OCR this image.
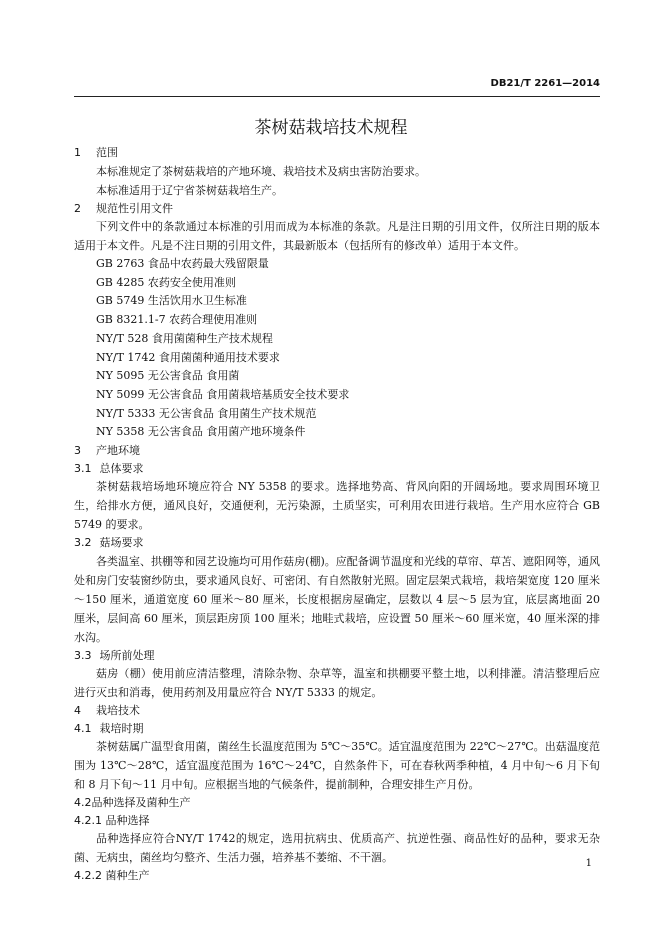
DB21/T 2261—2014
茶树菇栽培技术规程
1 范围
本标准规定了茶树菇栽培的产地环境、栽培技术及病虫害防治要求。
本标准适用于辽宁省茶树菇栽培生产。
2 规范性引用文件
下列文件中的条款通过本标准的引用而成为本标准的条款。凡是注日期的引用文件，仅所注日期的版本适用于本文件。凡是不注日期的引用文件，其最新版本（包括所有的修改单）适用于本文件。
GB 2763 食品中农药最大残留限量
GB 4285 农药安全使用准则
GB 5749 生活饮用水卫生标准
GB 8321.1-7 农药合理使用准则
NY/T 528 食用菌菌种生产技术规程
NY/T 1742 食用菌菌种通用技术要求
NY 5095 无公害食品 食用菌
NY 5099 无公害食品 食用菌栽培基质安全技术要求
NY/T 5333 无公害食品 食用菌生产技术规范
NY 5358 无公害食品 食用菌产地环境条件
3 产地环境
3.1 总体要求
茶树菇栽培场地环境应符合 NY 5358 的要求。选择地势高、背风向阳的开阔场地。要求周围环境卫生，给排水方便，通风良好，交通便利，无污染源，土质坚实，可利用农田进行栽培。生产用水应符合 GB 5749 的要求。
3.2 菇场要求
各类温室、拱棚等和园艺设施均可用作菇房(棚)。应配备调节温度和光线的草帘、草苫、遮阳网等，通风处和房门安装窗纱防虫，要求通风良好、可密闭、有自然散射光照。固定层架式栽培，栽培架宽度 120 厘米～150 厘米，通道宽度 60 厘米～80 厘米，长度根据房屋确定，层数以 4 层～5 层为宜，底层离地面 20 厘米，层间高 60 厘米，顶层距房顶 100 厘米；地畦式栽培，应设置 50 厘米～60 厘米宽，40 厘米深的排水沟。
3.3 场所前处理
菇房（棚）使用前应清洁整理，清除杂物、杂草等，温室和拱棚要平整土地，以利排灌。清洁整理后应进行灭虫和消毒，使用药剂及用量应符合 NY/T 5333 的规定。
4 栽培技术
4.1 栽培时期
茶树菇属广温型食用菌，菌丝生长温度范围为 5℃～35℃。适宜温度范围为 22℃～27℃。出菇温度范围为 13℃～28℃，适宜温度范围为 16℃～24℃，自然条件下，可在春秋两季种植，4 月中旬～6 月下旬和 8 月下旬～11 月中旬。应根据当地的气候条件，提前制种，合理安排生产月份。
4.2品种选择及菌种生产
4.2.1 品种选择
品种选择应符合NY/T 1742的规定，选用抗病虫、优质高产、抗逆性强、商品性好的品种，要求无杂菌、无病虫，菌丝均匀整齐、生活力强，培养基不萎缩、不干涸。
4.2.2 菌种生产
1
